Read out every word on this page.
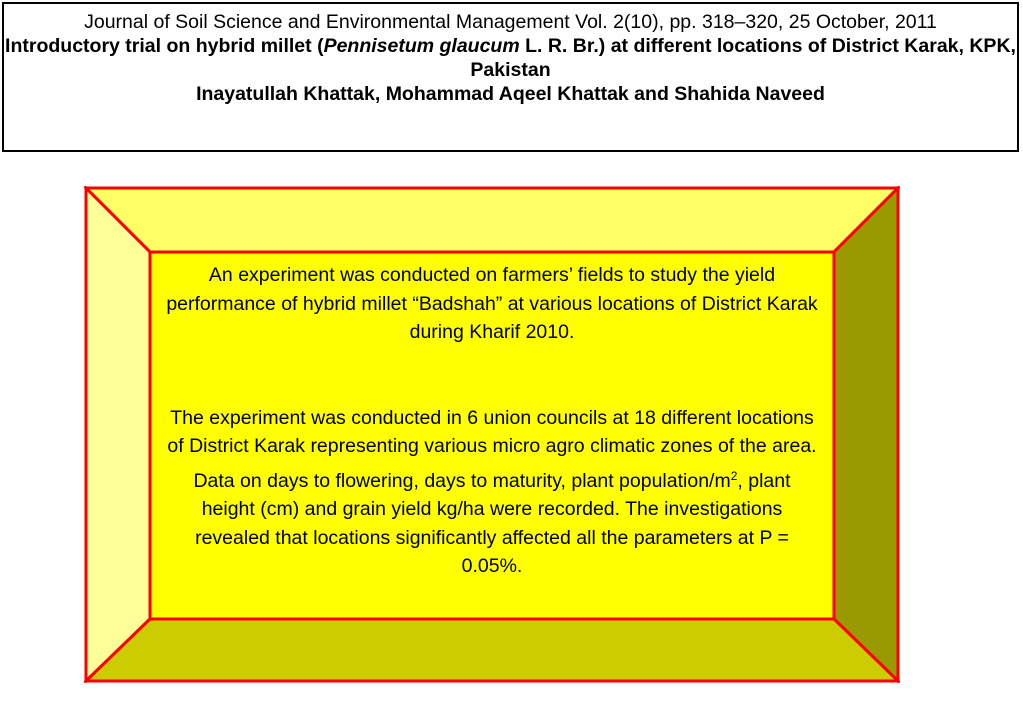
Journal of Soil Science and Environmental Management Vol. 2(10), pp. 318–320, 25 October, 2011
Introductory trial on hybrid millet (Pennisetum glaucum L. R. Br.) at different locations of District Karak, KPK, Pakistan
Inayatullah Khattak, Mohammad Aqeel Khattak and Shahida Naveed

An experiment was conducted on farmers’ fields to study the yield performance of hybrid millet “Badshah” at various locations of District Karak during Kharif 2010.

The experiment was conducted in 6 union councils at 18 different locations of District Karak representing various micro agro climatic zones of the area.

Data on days to flowering, days to maturity, plant population/$m^2$, plant height (cm) and grain yield kg/ha were recorded. The investigations revealed that locations significantly affected all the parameters at P = 0.05%.
